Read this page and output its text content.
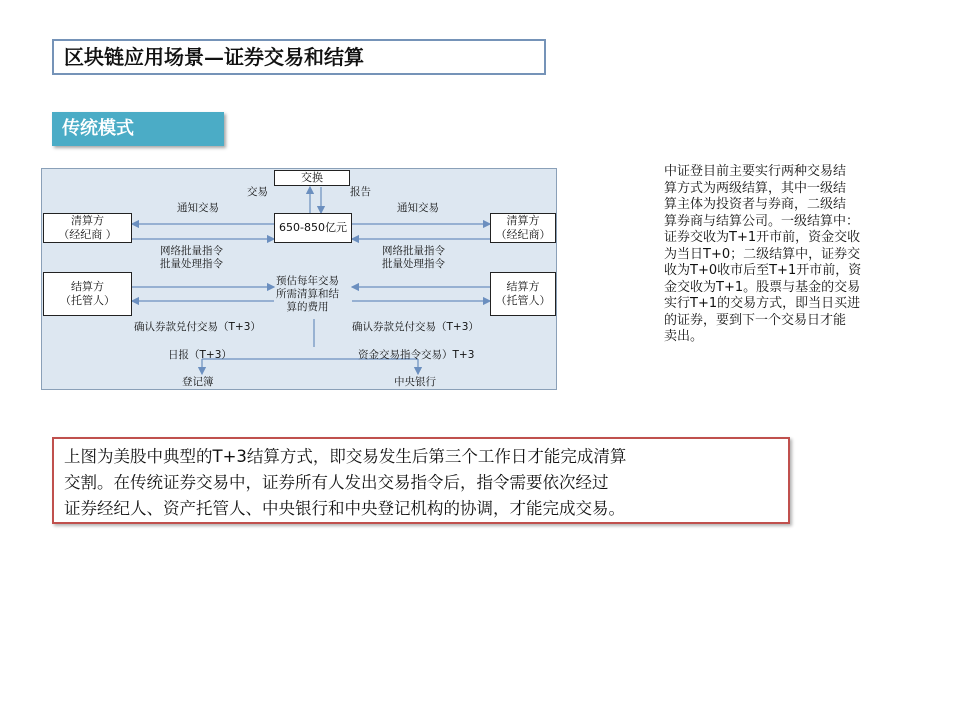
区块链应用场景—证券交易和结算
传统模式
交换
交易	报告
通知交易	通知交易
650-850亿元
清算方
（经纪商 ）
清算方
（经纪商）
网络批量指令
批量处理指令
网络批量指令
批量处理指令
预估每年交易
所需清算和结
算的费用
结算方
（托管人）
结算方
（托管人）
确认券款兑付交易（T+3）	确认券款兑付交易（T+3）
日报（T+3）	资金交易指令交易）T+3
登记簿	中央银行

中证登目前主要实行两种交易结

算方式为两级结算，其中一级结

算主体为投资者与券商，二级结

算券商与结算公司。一级结算中：

证券交收为T+1开市前，资金交收

为当日T+0；二级结算中，证券交

收为T+0收市后至T+1开市前，资

金交收为T+1。股票与基金的交易

实行T+1的交易方式，即当日买进

的证券，要到下一个交易日才能

卖出。

上图为美股中典型的T+3结算方式，即交易发生后第三个工作日才能完成清算
交割。在传统证券交易中，证券所有人发出交易指令后，指令需要依次经过
证券经纪人、资产托管人、中央银行和中央登记机构的协调，才能完成交易。
